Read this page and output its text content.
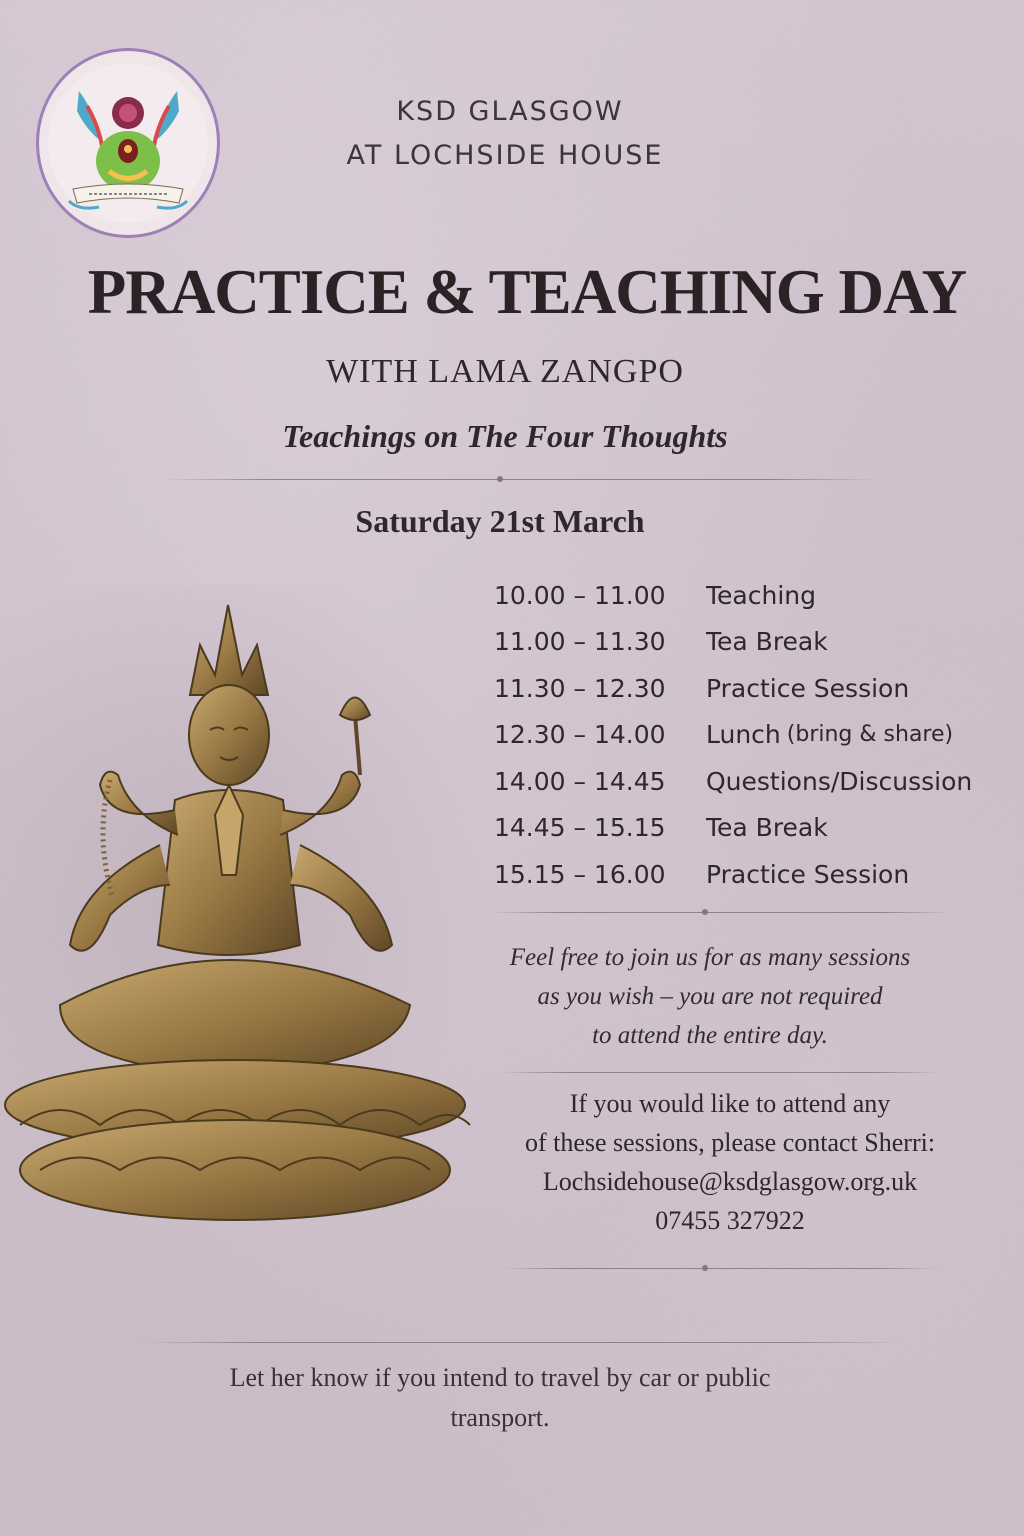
KSD GLASGOW
AT LOCHSIDE HOUSE
PRACTICE & TEACHING DAY
WITH LAMA ZANGPO
Teachings on The Four Thoughts
Saturday 21st March
10.00 – 11.00	Teaching
11.00 – 11.30	Tea Break
11.30 – 12.30	Practice Session
12.30 – 14.00	Lunch (bring & share)
14.00 – 14.45	Questions/Discussion
14.45 – 15.15	Tea Break
15.15 – 16.00	Practice Session
Feel free to join us for as many sessions
as you wish – you are not required
to attend the entire day.
If you would like to attend any
of these sessions, please contact Sherri:
Lochsidehouse@ksdglasgow.org.uk
07455 327922
Let her know if you intend to travel by car or public
transport.
